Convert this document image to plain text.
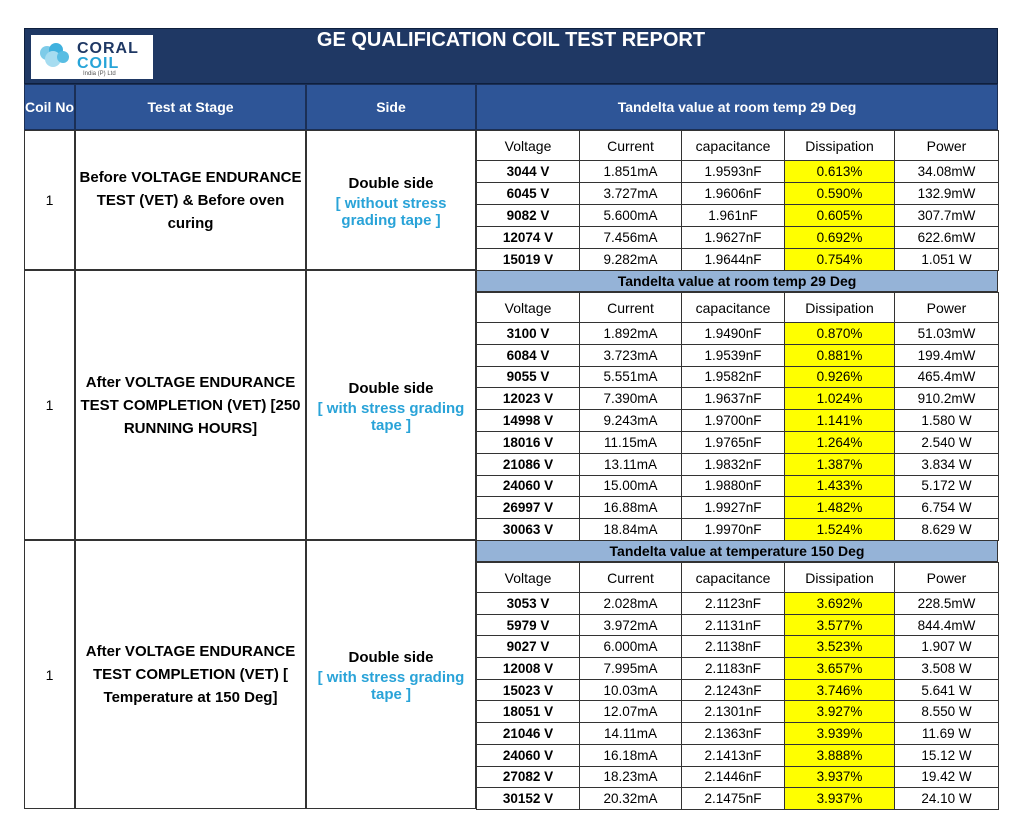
CORAL
COIL
India (P) Ltd
GE QUALIFICATION COIL TEST REPORT
Coil No	Test at Stage	Side	Tandelta value at room temp 29 Deg
1
Before VOLTAGE ENDURANCE TEST (VET) & Before oven curing
Double side
[ without stress grading tape ]
Voltage	Current	capacitance	Dissipation	Power
3044 V	1.851mA	1.9593nF	0.613%	34.08mW
6045 V	3.727mA	1.9606nF	0.590%	132.9mW
9082 V	5.600mA	1.961nF	0.605%	307.7mW
12074 V	7.456mA	1.9627nF	0.692%	622.6mW
15019 V	9.282mA	1.9644nF	0.754%	1.051 W
1
After VOLTAGE ENDURANCE TEST COMPLETION (VET) [250 RUNNING HOURS]
Double side
[ with stress grading tape ]
Tandelta value at room temp 29 Deg
Voltage	Current	capacitance	Dissipation	Power
3100 V	1.892mA	1.9490nF	0.870%	51.03mW
6084 V	3.723mA	1.9539nF	0.881%	199.4mW
9055 V	5.551mA	1.9582nF	0.926%	465.4mW
12023 V	7.390mA	1.9637nF	1.024%	910.2mW
14998 V	9.243mA	1.9700nF	1.141%	1.580 W
18016 V	11.15mA	1.9765nF	1.264%	2.540 W
21086 V	13.11mA	1.9832nF	1.387%	3.834 W
24060 V	15.00mA	1.9880nF	1.433%	5.172 W
26997 V	16.88mA	1.9927nF	1.482%	6.754 W
30063 V	18.84mA	1.9970nF	1.524%	8.629 W
1
After VOLTAGE ENDURANCE TEST COMPLETION (VET) [ Temperature at 150 Deg]
Double side
[ with stress grading tape ]
Tandelta value at temperature 150 Deg
Voltage	Current	capacitance	Dissipation	Power
3053 V	2.028mA	2.1123nF	3.692%	228.5mW
5979 V	3.972mA	2.1131nF	3.577%	844.4mW
9027 V	6.000mA	2.1138nF	3.523%	1.907 W
12008 V	7.995mA	2.1183nF	3.657%	3.508 W
15023 V	10.03mA	2.1243nF	3.746%	5.641 W
18051 V	12.07mA	2.1301nF	3.927%	8.550 W
21046 V	14.11mA	2.1363nF	3.939%	11.69 W
24060 V	16.18mA	2.1413nF	3.888%	15.12 W
27082 V	18.23mA	2.1446nF	3.937%	19.42 W
30152 V	20.32mA	2.1475nF	3.937%	24.10 W
